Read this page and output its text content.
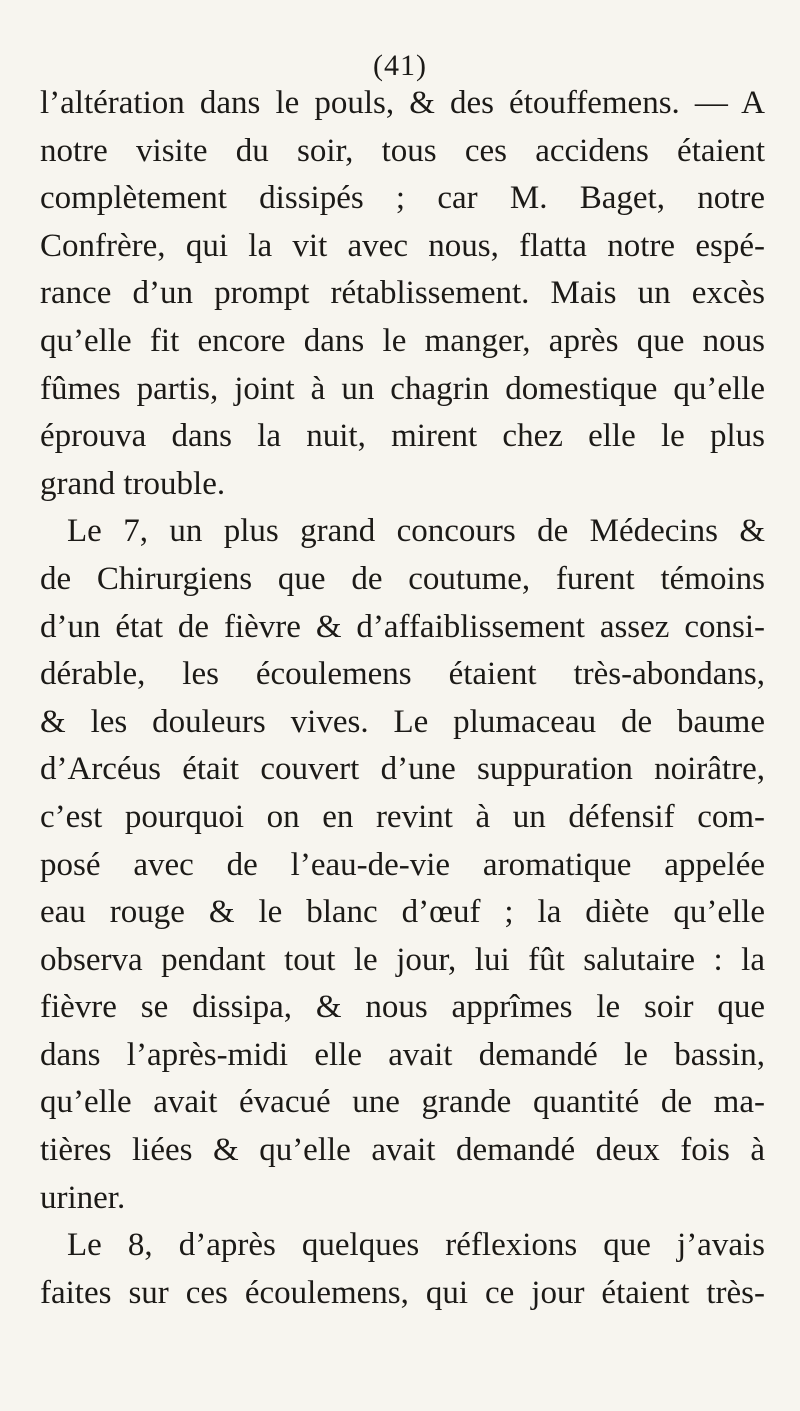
(41)
l’altération dans le pouls, & des étouffemens. — A
notre visite du soir, tous ces accidens étaient
complètement dissipés ; car M. Baget, notre
Confrère, qui la vit avec nous, flatta notre espé-
rance d’un prompt rétablissement. Mais un excès
qu’elle fit encore dans le manger, après que nous
fûmes partis, joint à un chagrin domestique qu’elle
éprouva dans la nuit, mirent chez elle le plus
grand trouble.
Le 7, un plus grand concours de Médecins &
de Chirurgiens que de coutume, furent témoins
d’un état de fièvre & d’affaiblissement assez consi-
dérable, les écoulemens étaient très-abondans,
& les douleurs vives. Le plumaceau de baume
d’Arcéus était couvert d’une suppuration noirâtre,
c’est pourquoi on en revint à un défensif com-
posé avec de l’eau-de-vie aromatique appelée
eau rouge & le blanc d’œuf ; la diète qu’elle
observa pendant tout le jour, lui fût salutaire : la
fièvre se dissipa, & nous apprîmes le soir que
dans l’après-midi elle avait demandé le bassin,
qu’elle avait évacué une grande quantité de ma-
tières liées & qu’elle avait demandé deux fois à
uriner.
Le 8, d’après quelques réflexions que j’avais
faites sur ces écoulemens, qui ce jour étaient très-
